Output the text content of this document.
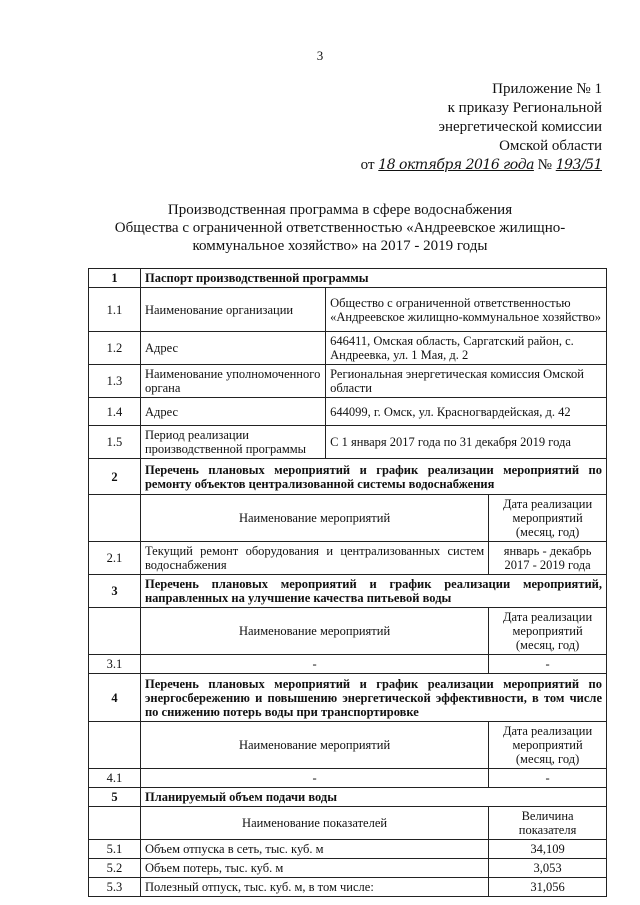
3
Приложение № 1
к приказу Региональной
энергетической комиссии
Омской области
от 18 октября 2016 года № 193/51
Производственная программа в сфере водоснабжения
Общества с ограниченной ответственностью «Андреевское жилищно-
коммунальное хозяйство» на 2017 - 2019 годы
1	Паспорт производственной программы		
1.1	Наименование организации	Общество с ограниченной ответственностью «Андреевское жилищно-коммунальное хозяйство»	
1.2	Адрес	646411, Омская область, Саргатский район, с. Андреевка, ул. 1 Мая, д. 2	
1.3	Наименование уполномоченного органа	Региональная энергетическая комиссия Омской области	
1.4	Адрес	644099, г. Омск, ул. Красногвардейская, д. 42	
1.5	Период реализации производственной программы	С 1 января 2017 года по 31 декабря 2019 года	
2	Перечень плановых мероприятий и график реализации мероприятий по ремонту объектов централизованной системы водоснабжения		
	Наименование мероприятий		Дата реализации мероприятий (месяц, год)
2.1	Текущий ремонт оборудования и централизованных систем водоснабжения		январь - декабрь 2017 - 2019 года
3	Перечень плановых мероприятий и график реализации мероприятий, направленных на улучшение качества питьевой воды		
	Наименование мероприятий		Дата реализации мероприятий (месяц, год)
3.1	-		-
4	Перечень плановых мероприятий и график реализации мероприятий по энергосбережению и повышению энергетической эффективности, в том числе по снижению потерь воды при транспортировке		
	Наименование мероприятий		Дата реализации мероприятий (месяц, год)
4.1	-		-
5	Планируемый объем подачи воды		
	Наименование показателей		Величина показателя
5.1	Объем отпуска в сеть, тыс. куб. м		34,109
5.2	Объем потерь, тыс. куб. м		3,053
5.3	Полезный отпуск, тыс. куб. м, в том числе:		31,056
